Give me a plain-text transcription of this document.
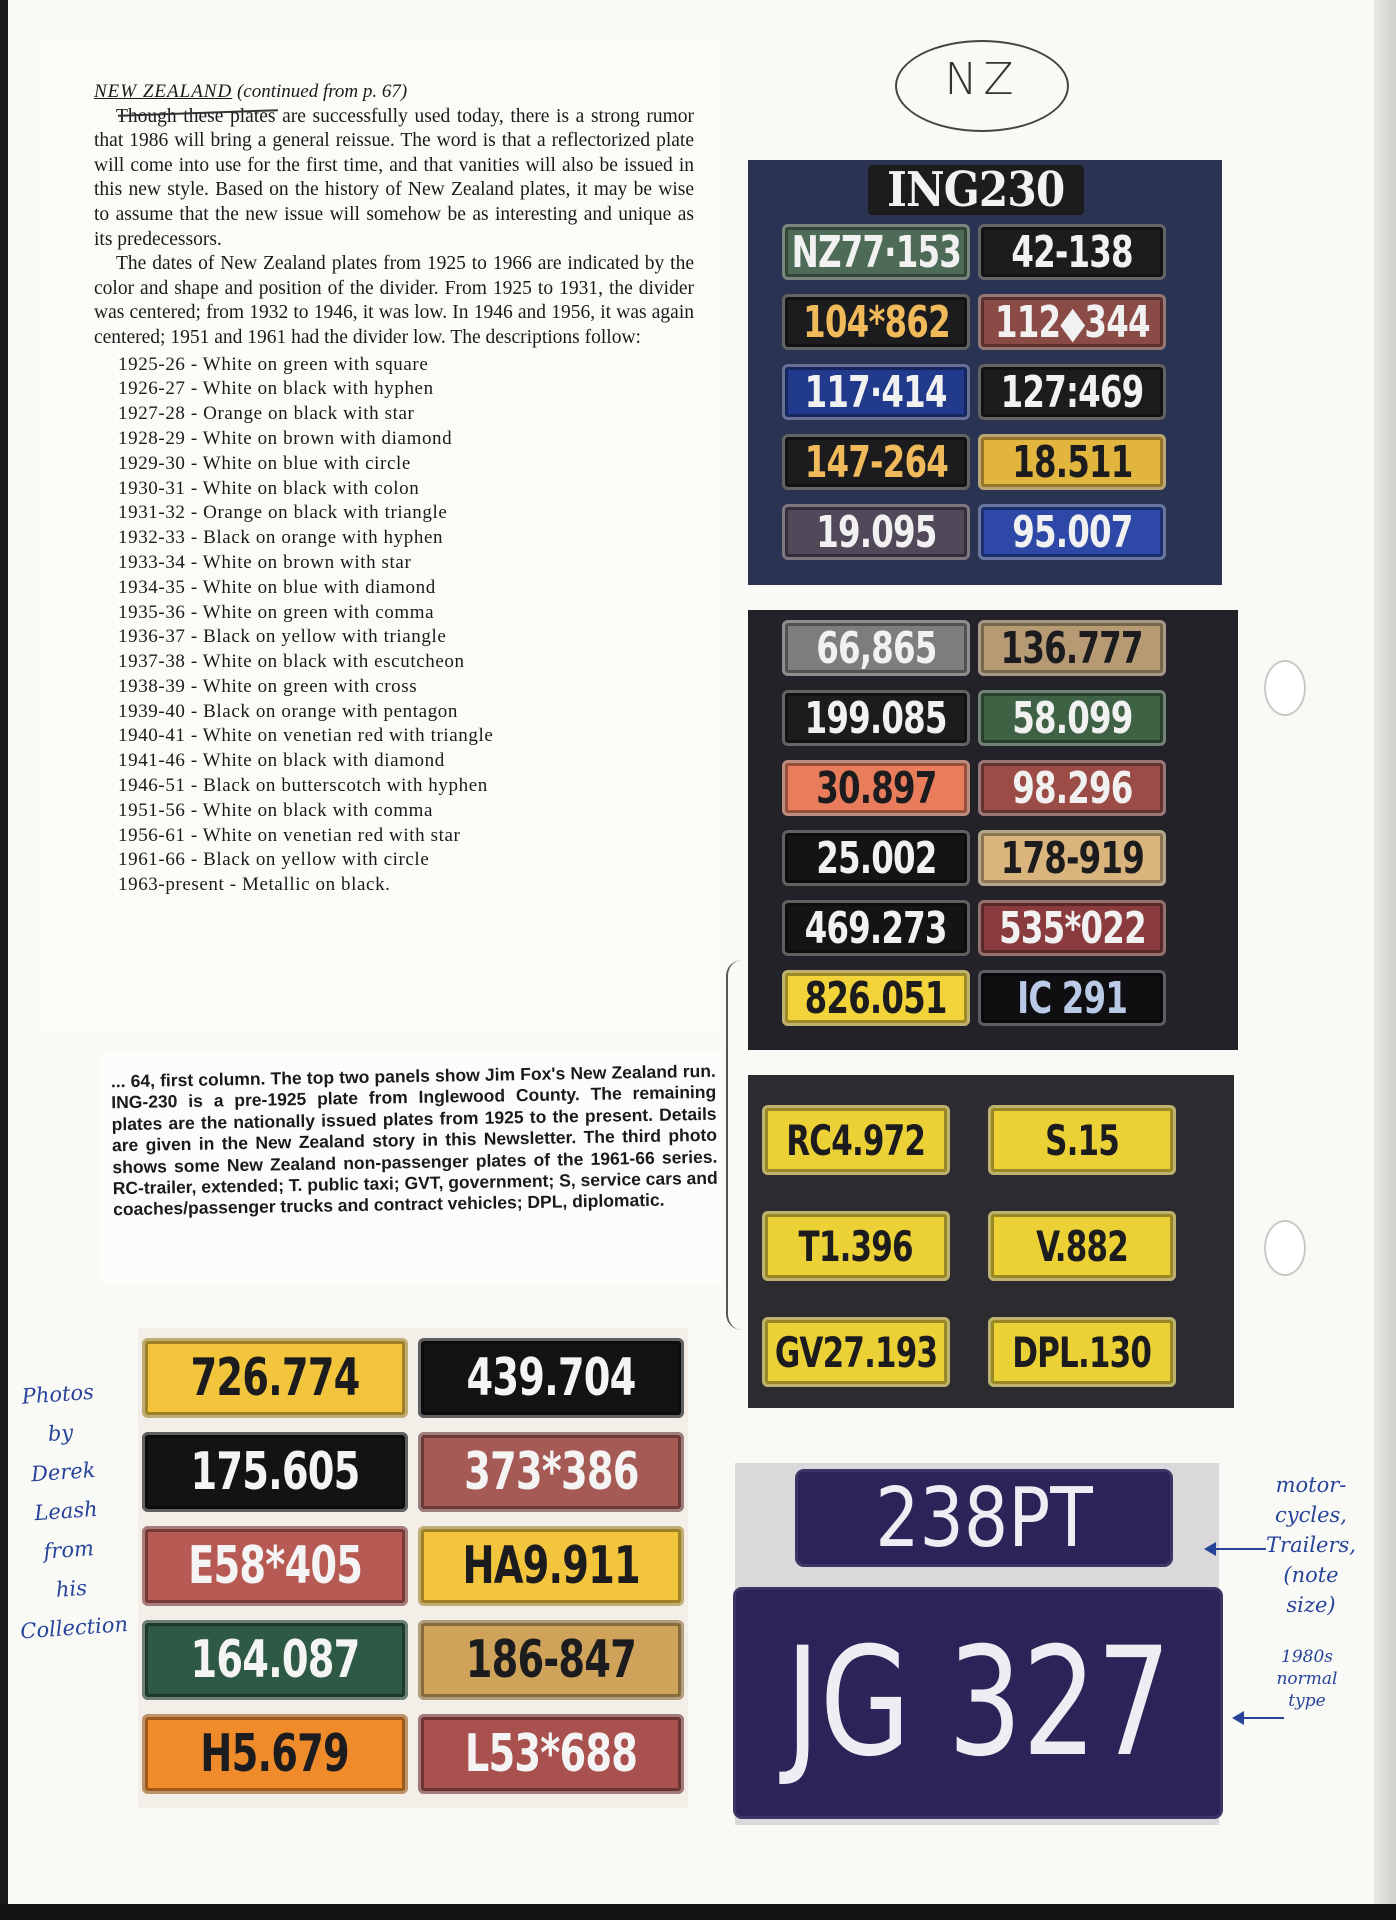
NZ

NEW ZEALAND (continued from p. 67)

Though these plates are successfully used today, there is a strong rumor that 1986 will bring a general reissue. The word is that a reflectorized plate will come into use for the first time, and that vanities will also be issued in this new style. Based on the history of New Zealand plates, it may be wise to assume that the new issue will somehow be as interesting and unique as its predecessors.

The dates of New Zealand plates from 1925 to 1966 are indicated by the color and shape and position of the divider. From 1925 to 1931, the divider was centered; from 1932 to 1946, it was low. In 1946 and 1956, it was again centered; 1951 and 1961 had the divider low. The descriptions follow:

1925-26 - White on green with square
1926-27 - White on black with hyphen
1927-28 - Orange on black with star
1928-29 - White on brown with diamond
1929-30 - White on blue with circle
1930-31 - White on black with colon
1931-32 - Orange on black with triangle
1932-33 - Black on orange with hyphen
1933-34 - White on brown with star
1934-35 - White on blue with diamond
1935-36 - White on green with comma
1936-37 - Black on yellow with triangle
1937-38 - White on black with escutcheon
1938-39 - White on green with cross
1939-40 - Black on orange with pentagon
1940-41 - White on venetian red with triangle
1941-46 - White on black with diamond
1946-51 - Black on butterscotch with hyphen
1951-56 - White on black with comma
1956-61 - White on venetian red with star
1961-66 - Black on yellow with circle
1963-present - Metallic on black.
NZ77·153 42-138
104*862 112◆344
117·414 127:469
147-264 18.511
19.095 95.007
ING230
66,865 136.777
199.085 58.099
30.897 98.296
25.002 178-919
469.273 535*022
826.051 IC 291
RC4.972	S.15
T1.396	V.882
GV27.193 DPL.130
... 64, first column. The top two panels show Jim Fox's New Zealand run. ING-230 is a pre-1925 plate from Inglewood County. The remaining plates are the nationally issued plates from 1925 to the present. Details are given in the New Zealand story in this Newsletter. The third photo shows some New Zealand non-passenger plates of the 1961-66 series. RC-trailer, extended; T. public taxi; GVT, government; S, service cars and coaches/passenger trucks and contract vehicles; DPL, diplomatic.
726.774 439.704
175.605 373*386
E58*405 HA9.911
164.087 186-847
H5.679 L53*688
238PT
JG 327
Photos
by
Derek
Leash
from
his
Collection
motor-
cycles,
Trailers,
(note
size)
1980s
normal
type
